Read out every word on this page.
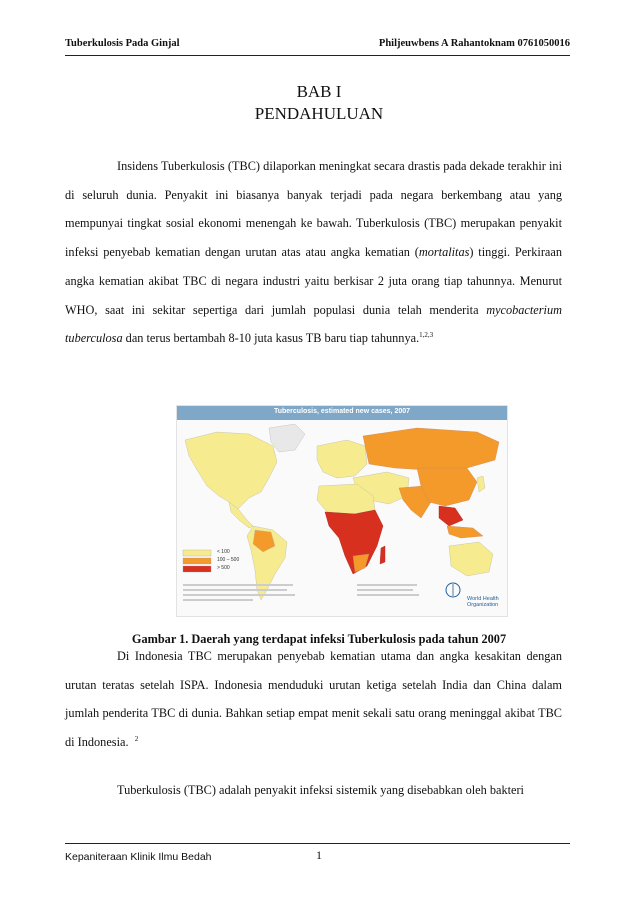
Tuberkulosis Pada Ginjal	Philjeuwbens A Rahantoknam 0761050016
BAB I
PENDAHULUAN
Insidens Tuberkulosis (TBC) dilaporkan meningkat secara drastis pada dekade terakhir ini di seluruh dunia. Penyakit ini biasanya banyak terjadi pada negara berkembang atau yang mempunyai tingkat sosial ekonomi menengah ke bawah. Tuberkulosis (TBC) merupakan penyakit infeksi penyebab kematian dengan urutan atas atau angka kematian (mortalitas) tinggi. Perkiraan angka kematian akibat TBC di negara industri yaitu berkisar 2 juta orang tiap tahunnya. Menurut WHO, saat ini sekitar sepertiga dari jumlah populasi dunia telah menderita mycobacterium tuberculosa dan terus bertambah 8-10 juta kasus TB baru tiap tahunnya.$^{1,2,3}$
Tuberculosis, estimated new cases, 2007
< 100
100 – 500
> 500
World Health Organization
Gambar 1. Daerah yang terdapat infeksi Tuberkulosis pada tahun 2007
Di Indonesia TBC merupakan penyebab kematian utama dan angka kesakitan dengan urutan teratas setelah ISPA. Indonesia menduduki urutan ketiga setelah India dan China dalam jumlah penderita TBC di dunia. Bahkan setiap empat menit sekali satu orang meninggal akibat TBC di Indonesia. $^2$
Tuberkulosis (TBC) adalah penyakit infeksi sistemik yang disebabkan oleh bakteri
Kepaniteraan Klinik Ilmu Bedah	1
